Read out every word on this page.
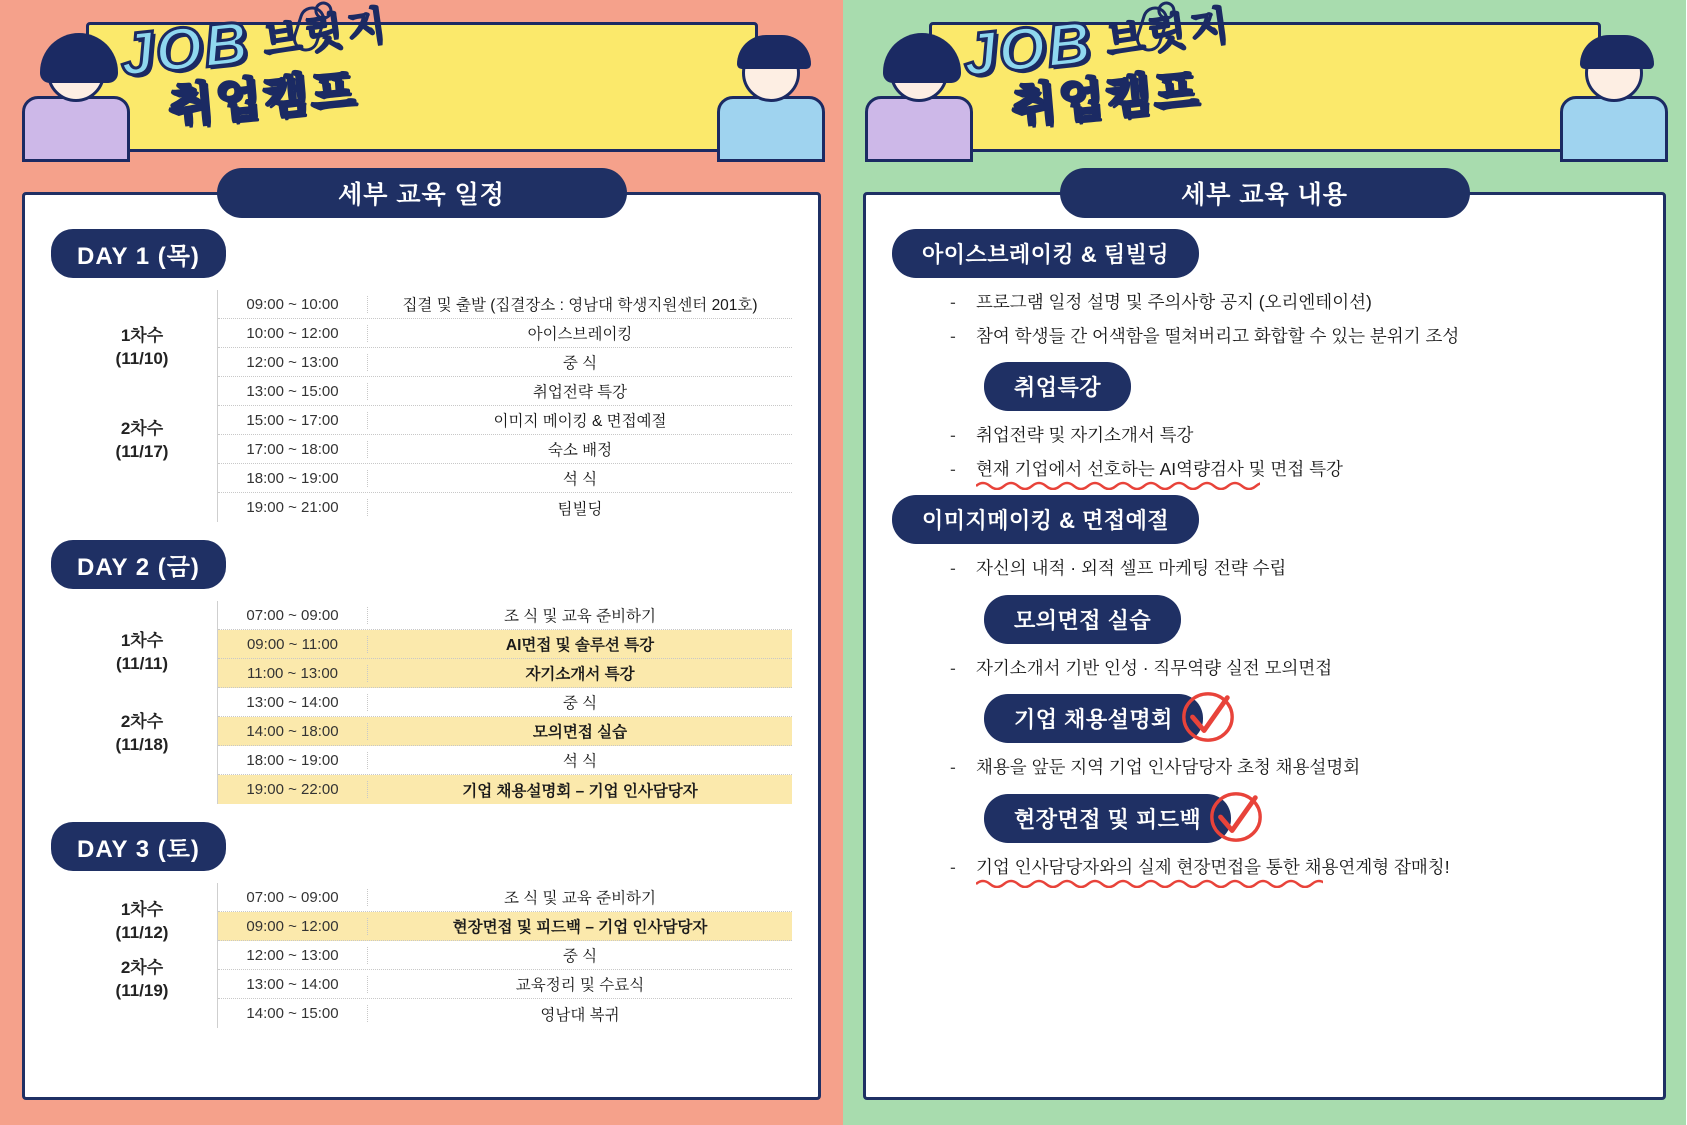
JOB 브릿지
취업캠프
세부 교육 일정
DAY 1 (목)
1차수
(11/10)
2차수
(11/17)
09:00 ~ 10:00	집결 및 출발 (집결장소 : 영남대 학생지원센터 201호)
10:00 ~ 12:00	아이스브레이킹
12:00 ~ 13:00	중 식
13:00 ~ 15:00	취업전략 특강
15:00 ~ 17:00	이미지 메이킹 & 면접예절
17:00 ~ 18:00	숙소 배정
18:00 ~ 19:00	석 식
19:00 ~ 21:00	팀빌딩
DAY 2 (금)
1차수
(11/11)
2차수
(11/18)
07:00 ~ 09:00	조 식 및 교육 준비하기
09:00 ~ 11:00	AI면접 및 솔루션 특강
11:00 ~ 13:00	자기소개서 특강
13:00 ~ 14:00	중 식
14:00 ~ 18:00	모의면접 실습
18:00 ~ 19:00	석 식
19:00 ~ 22:00	기업 채용설명회 – 기업 인사담당자
DAY 3 (토)
1차수
(11/12)
2차수
(11/19)
07:00 ~ 09:00	조 식 및 교육 준비하기
09:00 ~ 12:00	현장면접 및 피드백 – 기업 인사담당자
12:00 ~ 13:00	중 식
13:00 ~ 14:00	교육정리 및 수료식
14:00 ~ 15:00	영남대 복귀
JOB 브릿지
취업캠프
세부 교육 내용
아이스브레이킹 & 팀빌딩
-	프로그램 일정 설명 및 주의사항 공지 (오리엔테이션)
-	참여 학생들 간 어색함을 떨쳐버리고 화합할 수 있는 분위기 조성
취업특강
-	취업전략 및 자기소개서 특강
-	현재 기업에서 선호하는 AI역량검사 및 면접 특강
이미지메이킹 & 면접예절
-	자신의 내적 · 외적 셀프 마케팅 전략 수립
모의면접 실습
-	자기소개서 기반 인성 · 직무역량 실전 모의면접
기업 채용설명회
-	채용을 앞둔 지역 기업 인사담당자 초청 채용설명회
현장면접 및 피드백
-	기업 인사담당자와의 실제 현장면접을 통한 채용연계형 잡매칭!
